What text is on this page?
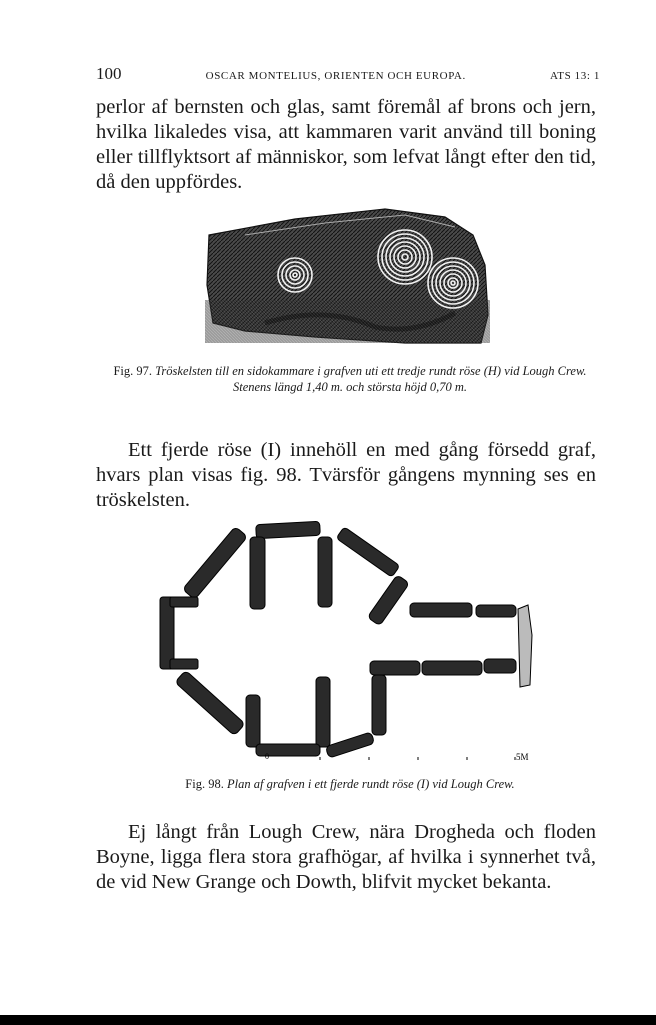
100	OSCAR MONTELIUS, ORIENTEN OCH EUROPA.	ATS 13: 1

perlor af bernsten och glas, samt föremål af brons och jern, hvilka likaledes visa, att kammaren varit använd till boning eller tillflyktsort af människor, som lefvat långt efter den tid, då den uppfördes.

Fig. 97. Tröskelsten till en sidokammare i grafven uti ett tredje rundt röse (H) vid Lough Crew. Stenens längd 1,40 m. och största höjd 0,70 m.

Ett fjerde röse (I) innehöll en med gång försedd graf, hvars plan visas fig. 98. Tvärsför gångens mynning ses en tröskelsten.

0	5M
Fig. 98. Plan af grafven i ett fjerde rundt röse (I) vid Lough Crew.

Ej långt från Lough Crew, nära Drogheda och floden Boyne, ligga flera stora grafhögar, af hvilka i synnerhet två, de vid New Grange och Dowth, blifvit mycket bekanta.
